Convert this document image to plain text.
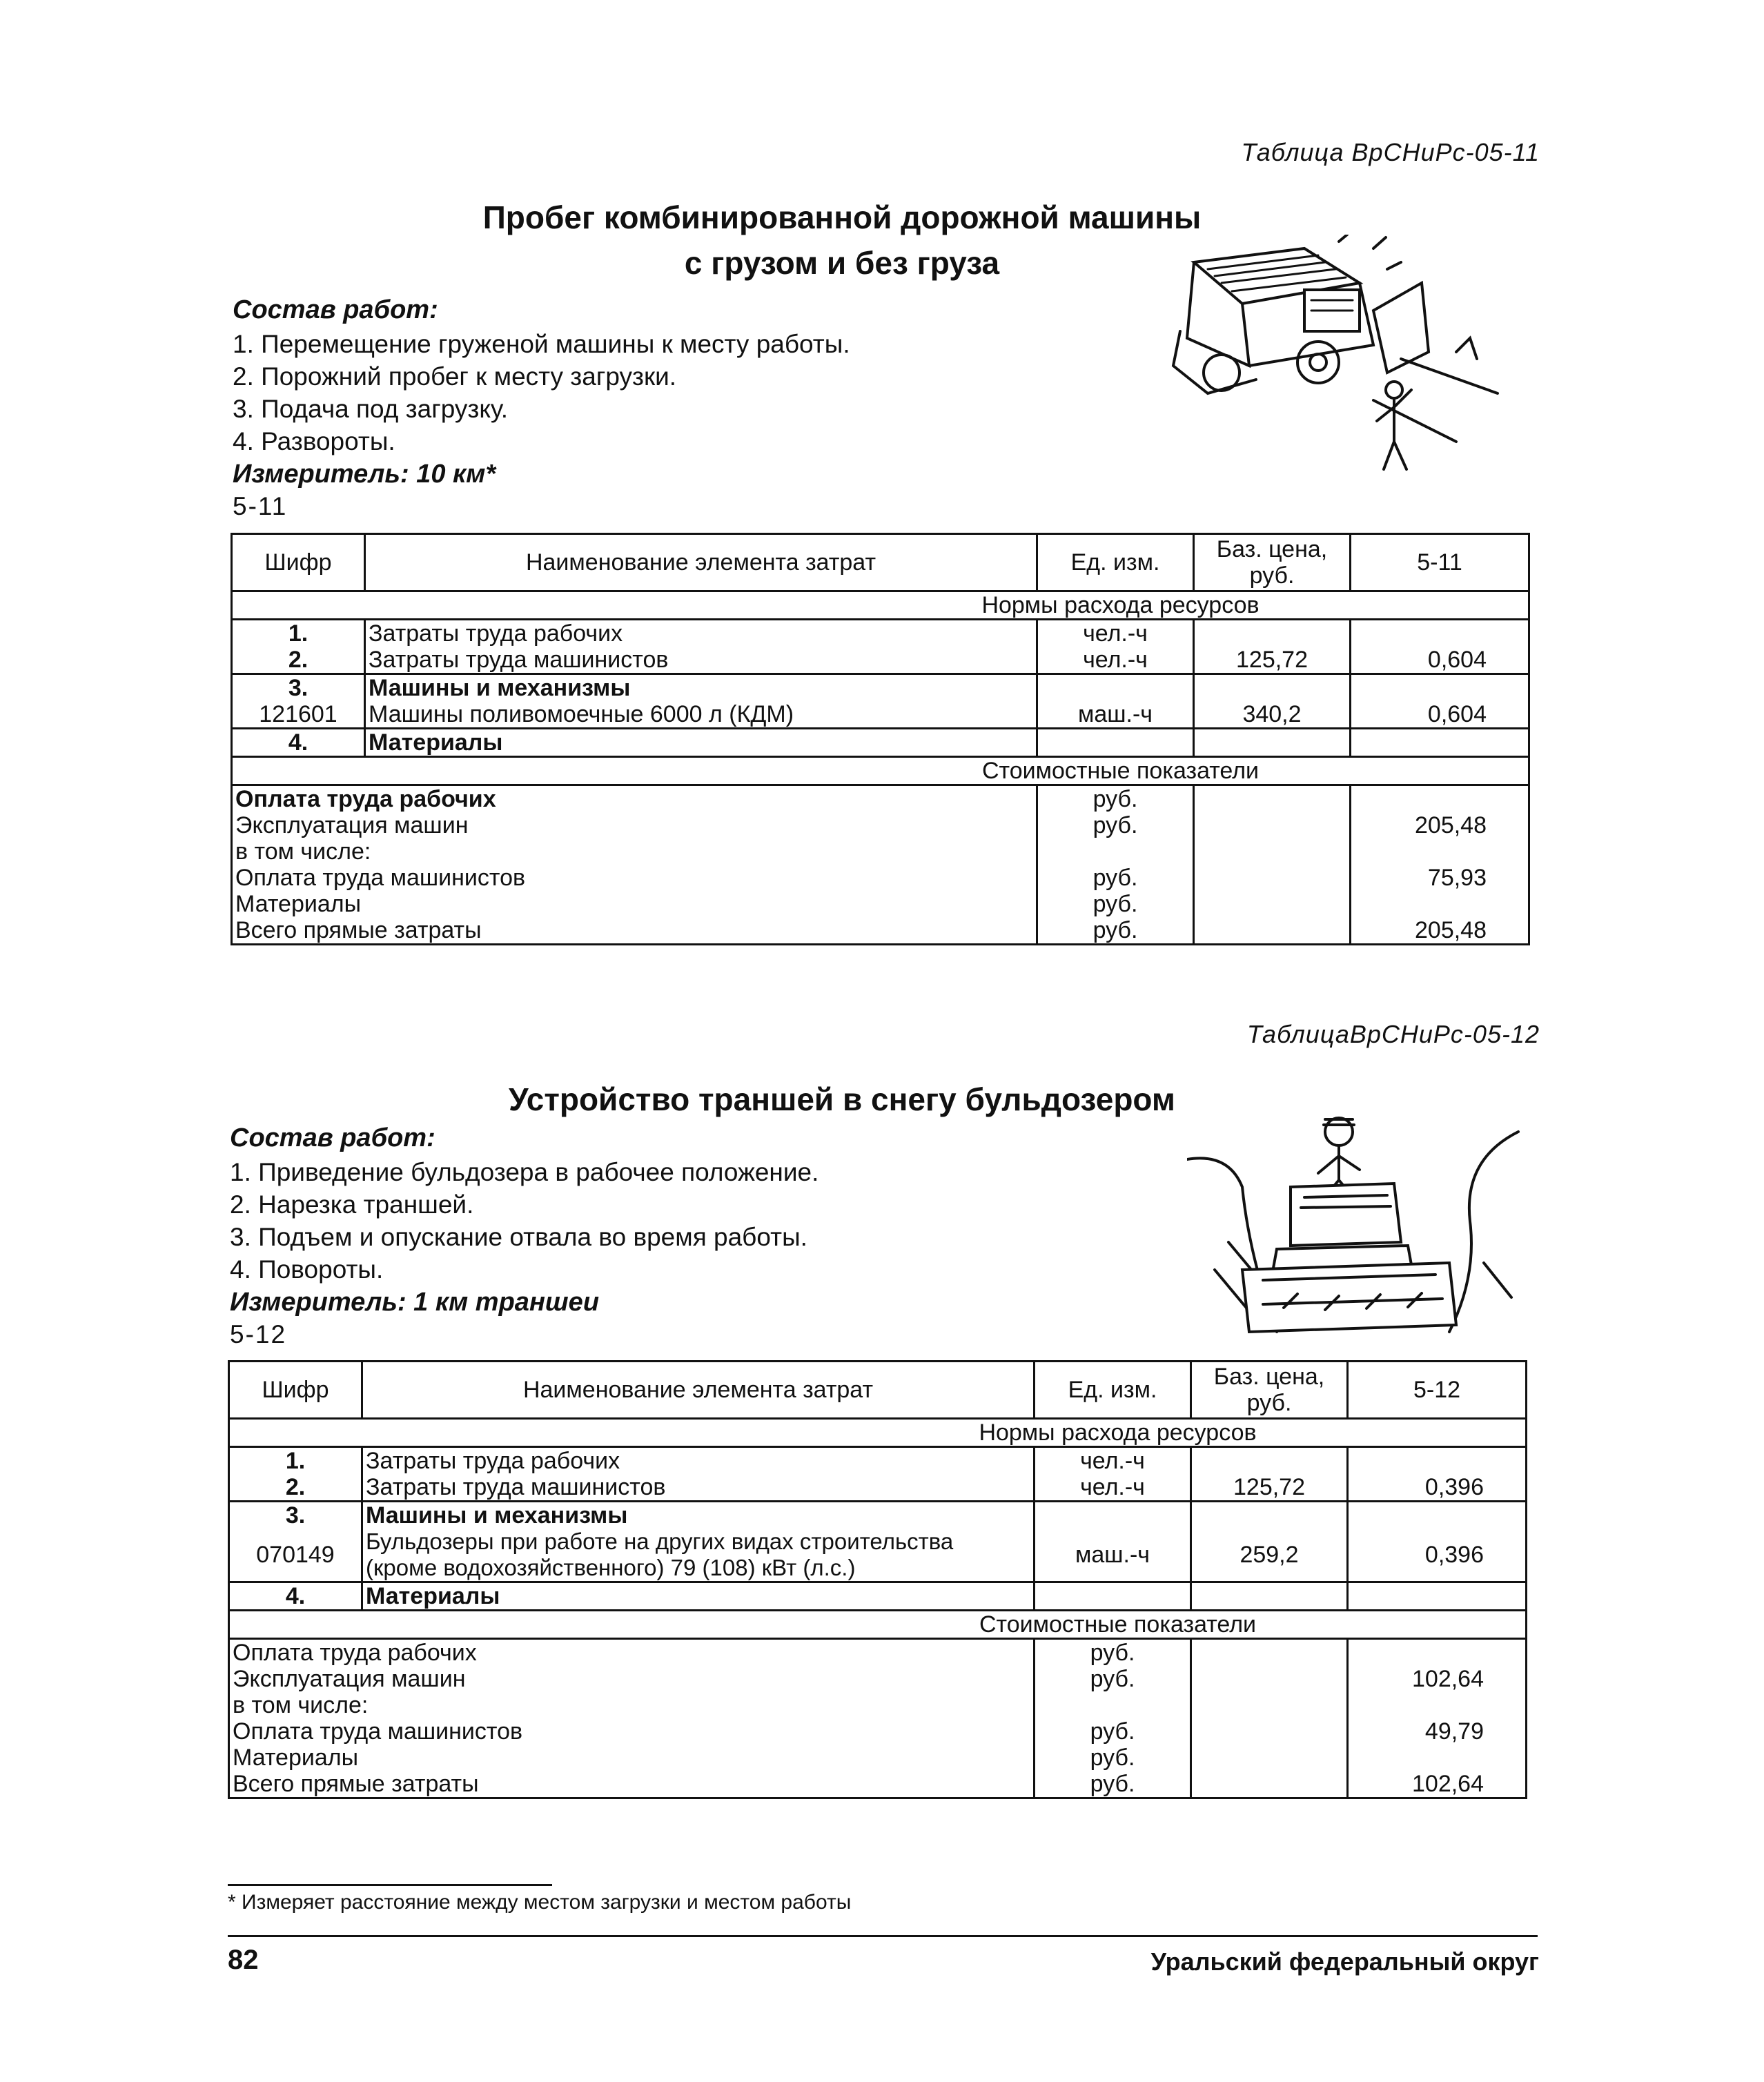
Таблица ВрСНиРс-05-11
Пробег комбинированной дорожной машины
с грузом и без груза
Состав работ:
1. Перемещение груженой машины к месту работы.
2. Порожний пробег к месту загрузки.
3. Подача под загрузку.
4. Развороты.
Измеритель: 10 км*
5-11
Шифр	Наименование элемента затрат	Ед. изм.	Баз. цена, руб.	5-11
Нормы расхода ресурсов				
1.	Затраты труда рабочих	чел.-ч		
2.	Затраты труда машинистов	чел.-ч	125,72	0,604
3.	Машины и механизмы			
121601	Машины поливомоечные 6000 л (КДМ)	маш.-ч	340,2	0,604
4.	Материалы			
Стоимостные показатели				
Оплата труда рабочих		руб.		
Эксплуатация машин		руб.		205,48
в том числе:				
Оплата труда машинистов		руб.		75,93
Материалы		руб.		
Всего прямые затраты		руб.		205,48
ТаблицаВрСНиРс-05-12
Устройство траншей в снегу бульдозером
Состав работ:
1. Приведение бульдозера в рабочее положение.
2. Нарезка траншей.
3. Подъем и опускание отвала во время работы.
4. Повороты.
Измеритель: 1 км траншеи
5-12
Шифр	Наименование элемента затрат	Ед. изм.	Баз. цена, руб.	5-12
Нормы расхода ресурсов				
1.	Затраты труда рабочих	чел.-ч		
2.	Затраты труда машинистов	чел.-ч	125,72	0,396
3.	Машины и механизмы			
070149	Бульдозеры при работе на других видах строительства (кроме водохозяйственного) 79 (108) кВт (л.с.)	маш.-ч	259,2	0,396
4.	Материалы			
Стоимостные показатели				
Оплата труда рабочих		руб.		
Эксплуатация машин		руб.		102,64
в том числе:				
Оплата труда машинистов		руб.		49,79
Материалы		руб.		
Всего прямые затраты		руб.		102,64
* Измеряет расстояние между местом загрузки и местом работы
82	Уральский федеральный округ
